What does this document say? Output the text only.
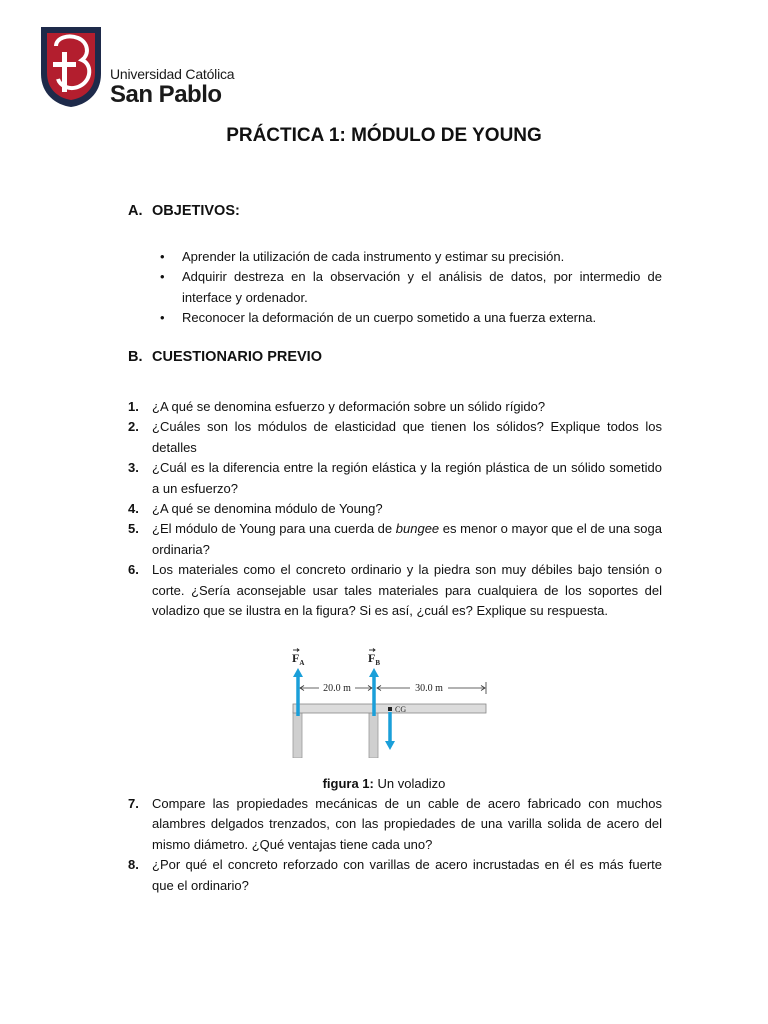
Universidad Católica
San Pablo
PRÁCTICA 1: MÓDULO DE YOUNG
A. OBJETIVOS:
• Aprender la utilización de cada instrumento y estimar su precisión.
• Adquirir destreza en la observación y el análisis de datos, por intermedio de interface y ordenador.
• Reconocer la deformación de un cuerpo sometido a una fuerza externa.
B. CUESTIONARIO PREVIO
1. ¿A qué se denomina esfuerzo y deformación sobre un sólido rígido?
2. ¿Cuáles son los módulos de elasticidad que tienen los sólidos? Explique todos los detalles
3. ¿Cuál es la diferencia entre la región elástica y la región plástica de un sólido sometido a un esfuerzo?
4. ¿A qué se denomina módulo de Young?
5. ¿El módulo de Young para una cuerda de bungee es menor o mayor que el de una soga ordinaria?
6. Los materiales como el concreto ordinario y la piedra son muy débiles bajo tensión o corte. ¿Sería aconsejable usar tales materiales para cualquiera de los soportes del voladizo que se ilustra en la figura? Si es así, ¿cuál es? Explique su respuesta.
7. Compare las propiedades mecánicas de un cable de acero fabricado con muchos alambres delgados trenzados, con las propiedades de una varilla solida de acero del mismo diámetro. ¿Qué ventajas tiene cada uno?
8. ¿Por qué el concreto reforzado con varillas de acero incrustadas en él es más fuerte que el ordinario?
CG
$F_A$	$F_B$
20.0 m	30.0 m

figura 1: Un voladizo
